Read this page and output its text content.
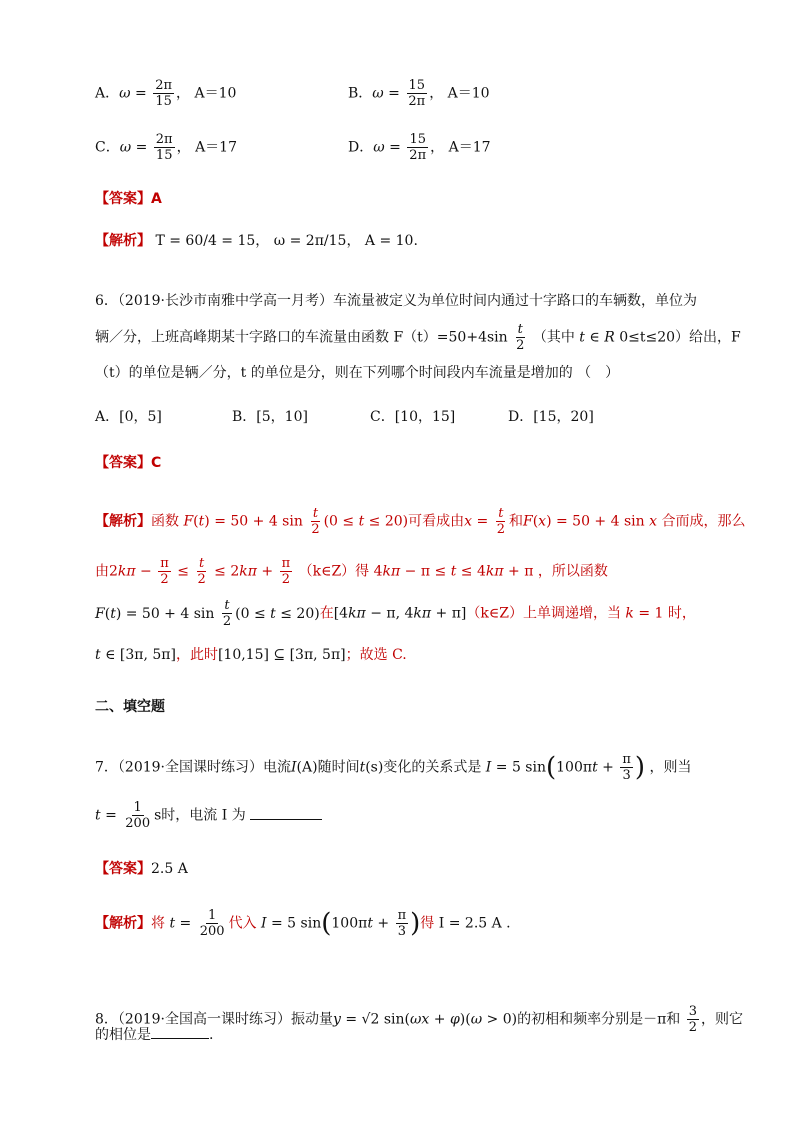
A．$\omega = \frac{2\pi}{15}$ ， A＝10	B．$\omega = \frac{15}{2\pi}$ ， A＝10
C．$\omega = \frac{2\pi}{15}$ ， A＝17	D．$\omega = \frac{15}{2\pi}$ ， A＝17
【答案】A
【解析】 T = 60/4 = 15， ω = 2π/15， A = 10.
6．（2019·长沙市南雅中学高一月考）车流量被定义为单位时间内通过十字路口的车辆数，单位为
辆／分，上班高峰期某十字路口的车流量由函数 $F(t)=50+4\sin \frac{t}{2}$ （其中 t ∈ R 0≤t≤20）给出，F
（t）的单位是辆／分，t 的单位是分，则在下列哪个时间段内车流量是增加的 （　）
A．[0，5]	B．[5，10]	C．[10，15]	D．[15，20]
【答案】C
【解析】函数 F(t) = 50 + 4 $\sin \frac{t}{2} (0 \le t \le 20)$可看成由$x = \frac{t}{2}$ 和F(x) = 50 + 4 sin x 合而成，那么
由$2k\pi - \frac{\pi}{2} \le \frac{t}{2} \le 2k\pi + \frac{\pi}{2}$ （k∈Z）得 4kπ − π ≤ t ≤ 4kπ + π ，所以函数
F(t) = 50 + 4 $\sin \frac{t}{2} (0 \le t \le 20)$在[4kπ − π, 4kπ + π]（k∈Z）上单调递增，当 k = 1 时，
t ∈ [3π, 5π]，此时[10,15] ⊆ [3π, 5π]；故选 C.
二、填空题
7．（2019·全国课时练习）电流I(A)随时间t(s)变化的关系式是 I = 5 $\sin(100\pi t + \frac{\pi}{3}$ ) ，则当
$t = \frac{1}{200}$ s时，电流 I 为
【答案】2.5 A
【解析】将 $t = \frac{1}{200}$ 代入 I = 5 $\sin(100\pi t + \frac{\pi}{3}$ )得 I = 2.5 A .
8．（2019·全国高一课时练习）振动量y = √2 sin(ωx + φ)(ω > 0)的初相和频率分别是－π和 $\frac{3}{2}$ ，则它
的相位是	.
